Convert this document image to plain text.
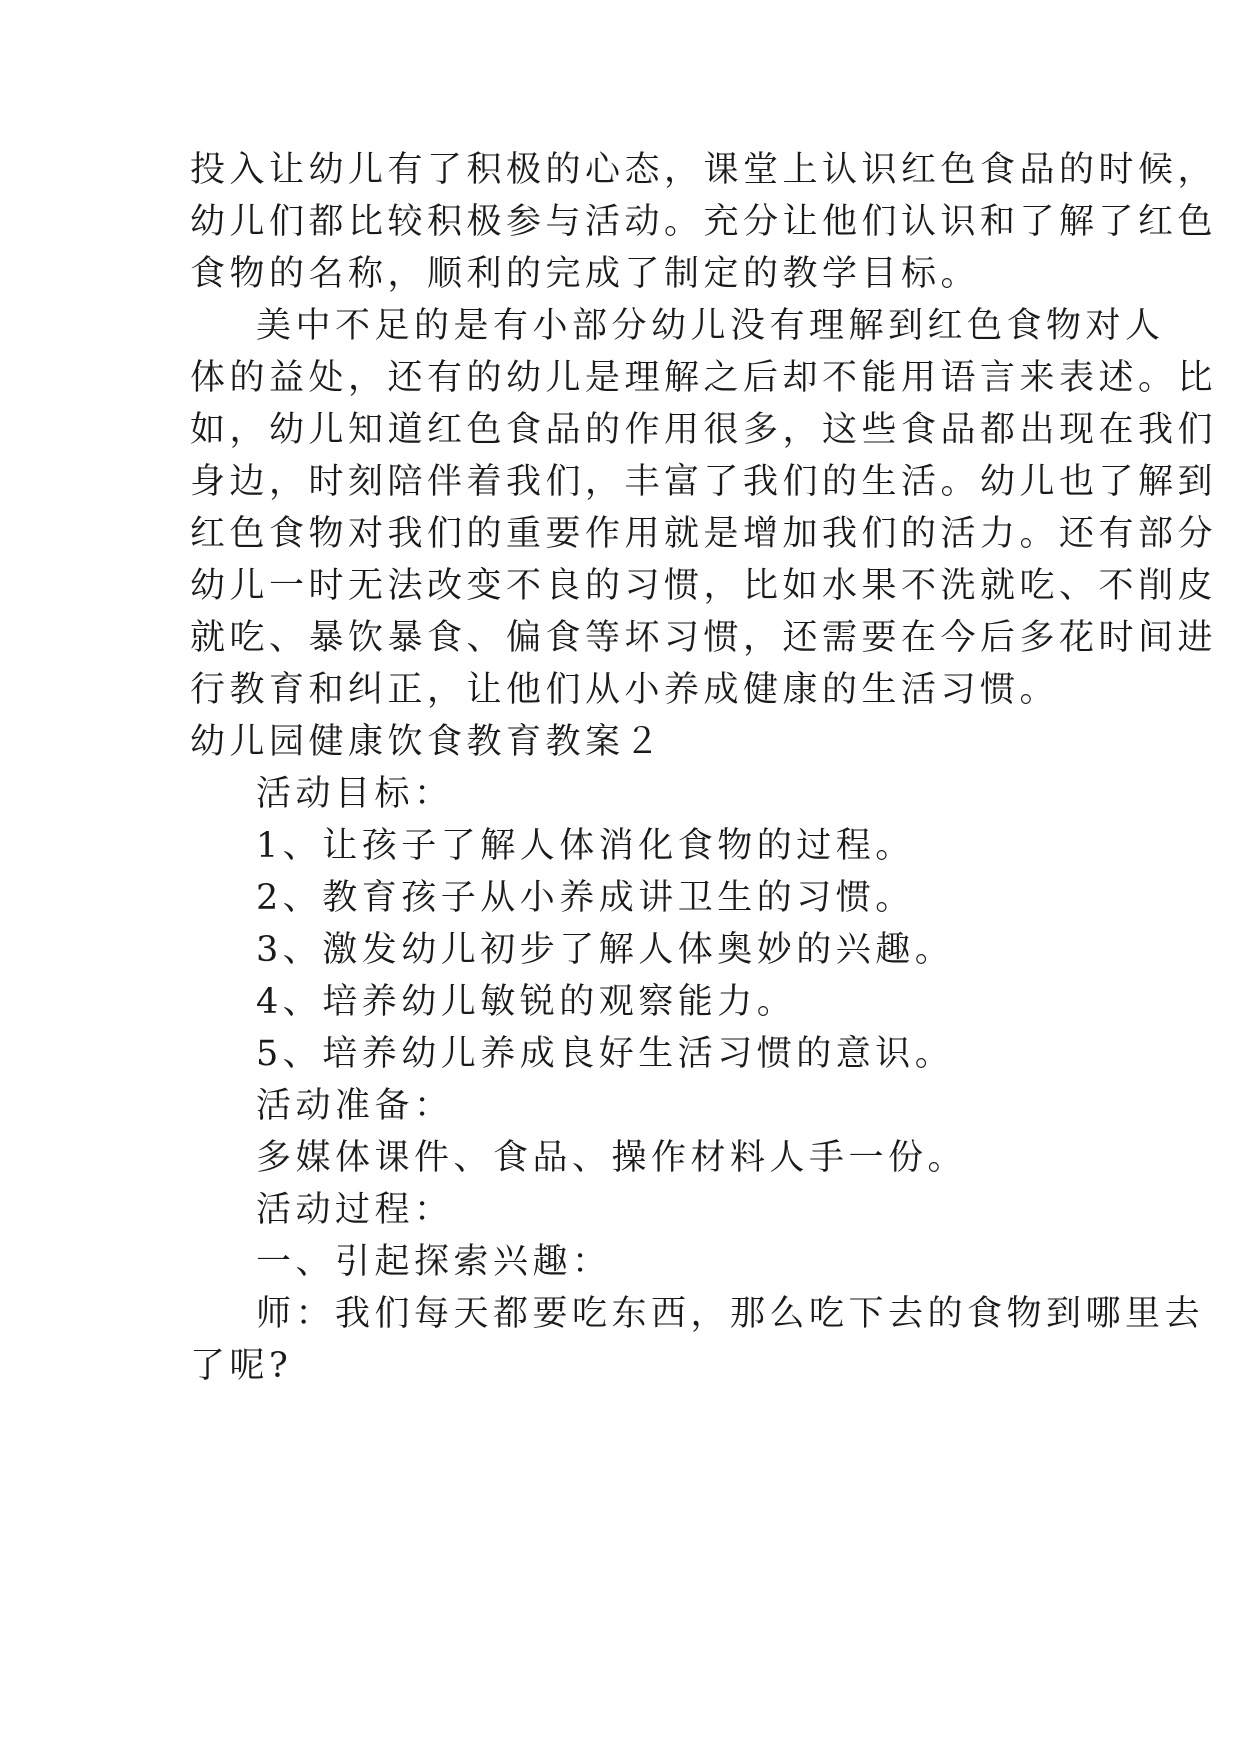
投入让幼儿有了积极的心态，课堂上认识红色食品的时候，
幼儿们都比较积极参与活动。充分让他们认识和了解了红色
食物的名称，顺利的完成了制定的教学目标。
美中不足的是有小部分幼儿没有理解到红色食物对人
体的益处，还有的幼儿是理解之后却不能用语言来表述。比
如，幼儿知道红色食品的作用很多，这些食品都出现在我们
身边，时刻陪伴着我们，丰富了我们的生活。幼儿也了解到
红色食物对我们的重要作用就是增加我们的活力。还有部分
幼儿一时无法改变不良的习惯，比如水果不洗就吃、不削皮
就吃、暴饮暴食、偏食等坏习惯，还需要在今后多花时间进
行教育和纠正，让他们从小养成健康的生活习惯。
幼儿园健康饮食教育教案２
活动目标：
1、让孩子了解人体消化食物的过程。
2、教育孩子从小养成讲卫生的习惯。
3、激发幼儿初步了解人体奥妙的兴趣。
4、培养幼儿敏锐的观察能力。
5、培养幼儿养成良好生活习惯的意识。
活动准备：
多媒体课件、食品、操作材料人手一份。
活动过程：
一、引起探索兴趣：
师：我们每天都要吃东西，那么吃下去的食物到哪里去
了呢?
